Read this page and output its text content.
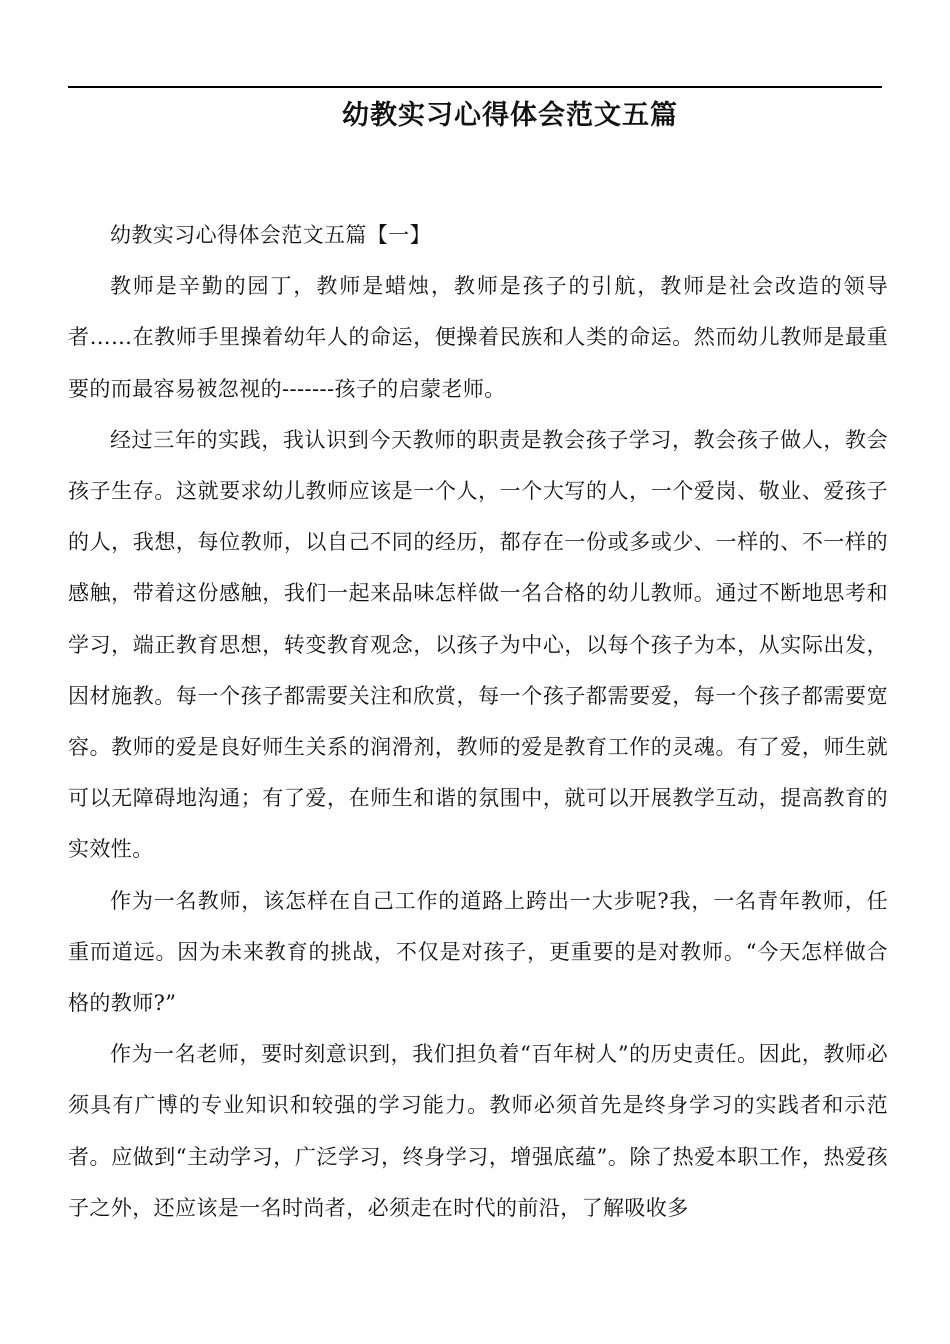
幼教实习心得体会范文五篇

幼教实习心得体会范文五篇【一】

教师是辛勤的园丁，教师是蜡烛，教师是孩子的引航，教师是社会改造的领导者……在教师手里操着幼年人的命运，便操着民族和人类的命运。然而幼儿教师是最重要的而最容易被忽视的-------孩子的启蒙老师。

经过三年的实践，我认识到今天教师的职责是教会孩子学习，教会孩子做人，教会孩子生存。这就要求幼儿教师应该是一个人，一个大写的人，一个爱岗、敬业、爱孩子的人，我想，每位教师，以自己不同的经历，都存在一份或多或少、一样的、不一样的感触，带着这份感触，我们一起来品味怎样做一名合格的幼儿教师。通过不断地思考和学习，端正教育思想，转变教育观念，以孩子为中心，以每个孩子为本，从实际出发，因材施教。每一个孩子都需要关注和欣赏，每一个孩子都需要爱，每一个孩子都需要宽容。教师的爱是良好师生关系的润滑剂，教师的爱是教育工作的灵魂。有了爱，师生就可以无障碍地沟通；有了爱，在师生和谐的氛围中，就可以开展教学互动，提高教育的实效性。

作为一名教师，该怎样在自己工作的道路上跨出一大步呢?我，一名青年教师，任重而道远。因为未来教育的挑战，不仅是对孩子，更重要的是对教师。“今天怎样做合格的教师?”

作为一名老师，要时刻意识到，我们担负着“百年树人”的历史责任。因此，教师必须具有广博的专业知识和较强的学习能力。教师必须首先是终身学习的实践者和示范者。应做到“主动学习，广泛学习，终身学习，增强底蕴”。除了热爱本职工作，热爱孩子之外，还应该是一名时尚者，必须走在时代的前沿，了解吸收多
